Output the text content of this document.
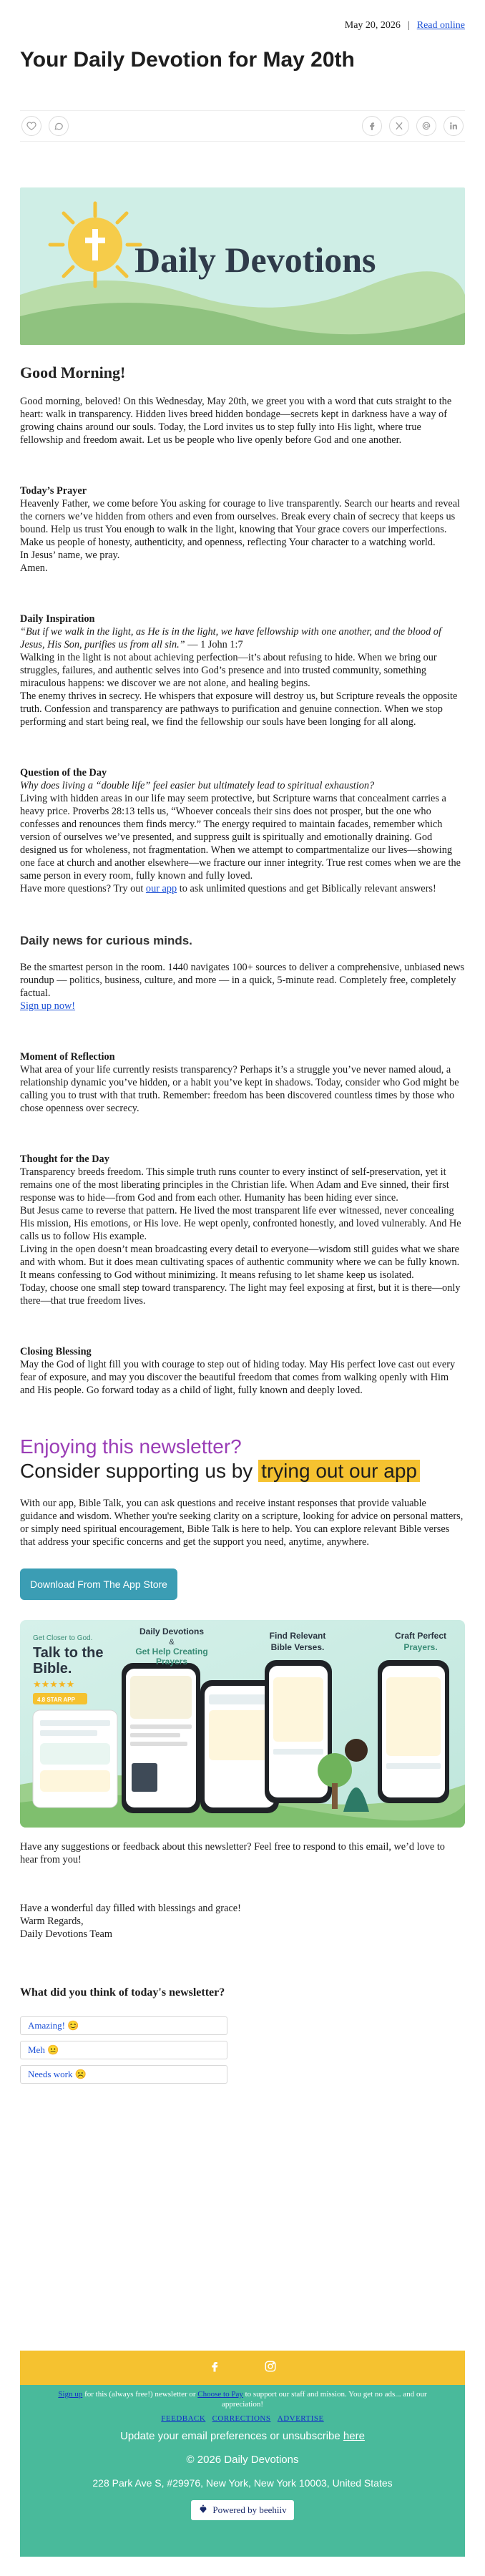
May 20, 2026 | Read online
Your Daily Devotion for May 20th
Daily Devotions
Good Morning!

Good morning, beloved! On this Wednesday, May 20th, we greet you with a word that cuts straight to the heart: walk in transparency. Hidden lives breed hidden bondage—secrets kept in darkness have a way of growing chains around our souls. Today, the Lord invites us to step fully into His light, where true fellowship and freedom await. Let us be people who live openly before God and one another.

Today’s Prayer

Heavenly Father, we come before You asking for courage to live transparently. Search our hearts and reveal the corners we’ve hidden from others and even from ourselves. Break every chain of secrecy that keeps us bound. Help us trust You enough to walk in the light, knowing that Your grace covers our imperfections. Make us people of honesty, authenticity, and openness, reflecting Your character to a watching world.

In Jesus’ name, we pray.

Amen.

Daily Inspiration

“But if we walk in the light, as He is in the light, we have fellowship with one another, and the blood of Jesus, His Son, purifies us from all sin.” — 1 John 1:7

Walking in the light is not about achieving perfection—it’s about refusing to hide. When we bring our struggles, failures, and authentic selves into God’s presence and into trusted community, something miraculous happens: we discover we are not alone, and healing begins.

The enemy thrives in secrecy. He whispers that exposure will destroy us, but Scripture reveals the opposite truth. Confession and transparency are pathways to purification and genuine connection. When we stop performing and start being real, we find the fellowship our souls have been longing for all along.

Question of the Day

Why does living a “double life” feel easier but ultimately lead to spiritual exhaustion?

Living with hidden areas in our life may seem protective, but Scripture warns that concealment carries a heavy price. Proverbs 28:13 tells us, “Whoever conceals their sins does not prosper, but the one who confesses and renounces them finds mercy.” The energy required to maintain facades, remember which version of ourselves we’ve presented, and suppress guilt is spiritually and emotionally draining. God designed us for wholeness, not fragmentation. When we attempt to compartmentalize our lives—showing one face at church and another elsewhere—we fracture our inner integrity. True rest comes when we are the same person in every room, fully known and fully loved.

Have more questions? Try out our app to ask unlimited questions and get Biblically relevant answers!

Daily news for curious minds.

Be the smartest person in the room. 1440 navigates 100+ sources to deliver a comprehensive, unbiased news roundup — politics, business, culture, and more — in a quick, 5-minute read. Completely free, completely factual.

Sign up now!

Moment of Reflection

What area of your life currently resists transparency? Perhaps it’s a struggle you’ve never named aloud, a relationship dynamic you’ve hidden, or a habit you’ve kept in shadows. Today, consider who God might be calling you to trust with that truth. Remember: freedom has been discovered countless times by those who chose openness over secrecy.

Thought for the Day

Transparency breeds freedom. This simple truth runs counter to every instinct of self-preservation, yet it remains one of the most liberating principles in the Christian life. When Adam and Eve sinned, their first response was to hide—from God and from each other. Humanity has been hiding ever since.

But Jesus came to reverse that pattern. He lived the most transparent life ever witnessed, never concealing His mission, His emotions, or His love. He wept openly, confronted honestly, and loved vulnerably. And He calls us to follow His example.

Living in the open doesn’t mean broadcasting every detail to everyone—wisdom still guides what we share and with whom. But it does mean cultivating spaces of authentic community where we can be fully known. It means confessing to God without minimizing. It means refusing to let shame keep us isolated.

Today, choose one small step toward transparency. The light may feel exposing at first, but it is there—only there—that true freedom lives.

Closing Blessing

May the God of light fill you with courage to step out of hiding today. May His perfect love cast out every fear of exposure, and may you discover the beautiful freedom that comes from walking openly with Him and His people. Go forward today as a child of light, fully known and deeply loved.

Enjoying this newsletter?
Consider supporting us by trying out our app

With our app, Bible Talk, you can ask questions and receive instant responses that provide valuable guidance and wisdom. Whether you're seeking clarity on a scripture, looking for advice on personal matters, or simply need spiritual encouragement, Bible Talk is here to help. You can explore relevant Bible verses that address your specific concerns and get the support you need, anytime, anywhere.

Download From The App Store
Get Closer to God.
Talk to the
Bible.
★★★★★
4.8 STAR APP
Daily Devotions
&
Get Help Creating
Prayers
Find Relevant
Bible Verses.
Craft Perfect
Prayers.

Have any suggestions or feedback about this newsletter? Feel free to respond to this email, we’d love to hear from you!

Have a wonderful day filled with blessings and grace!

Warm Regards,

Daily Devotions Team

What did you think of today's newsletter?
Amazing! 😊
Meh 😐
Needs work ☹️
Sign up for this (always free!) newsletter or Choose to Pay to support our staff and mission. You get no ads... and our appreciation!
FEEDBACK CORRECTIONS ADVERTISE
Update your email preferences or unsubscribe here
© 2026 Daily Devotions
228 Park Ave S, #29976, New York, New York 10003, United States
Powered by beehiiv
